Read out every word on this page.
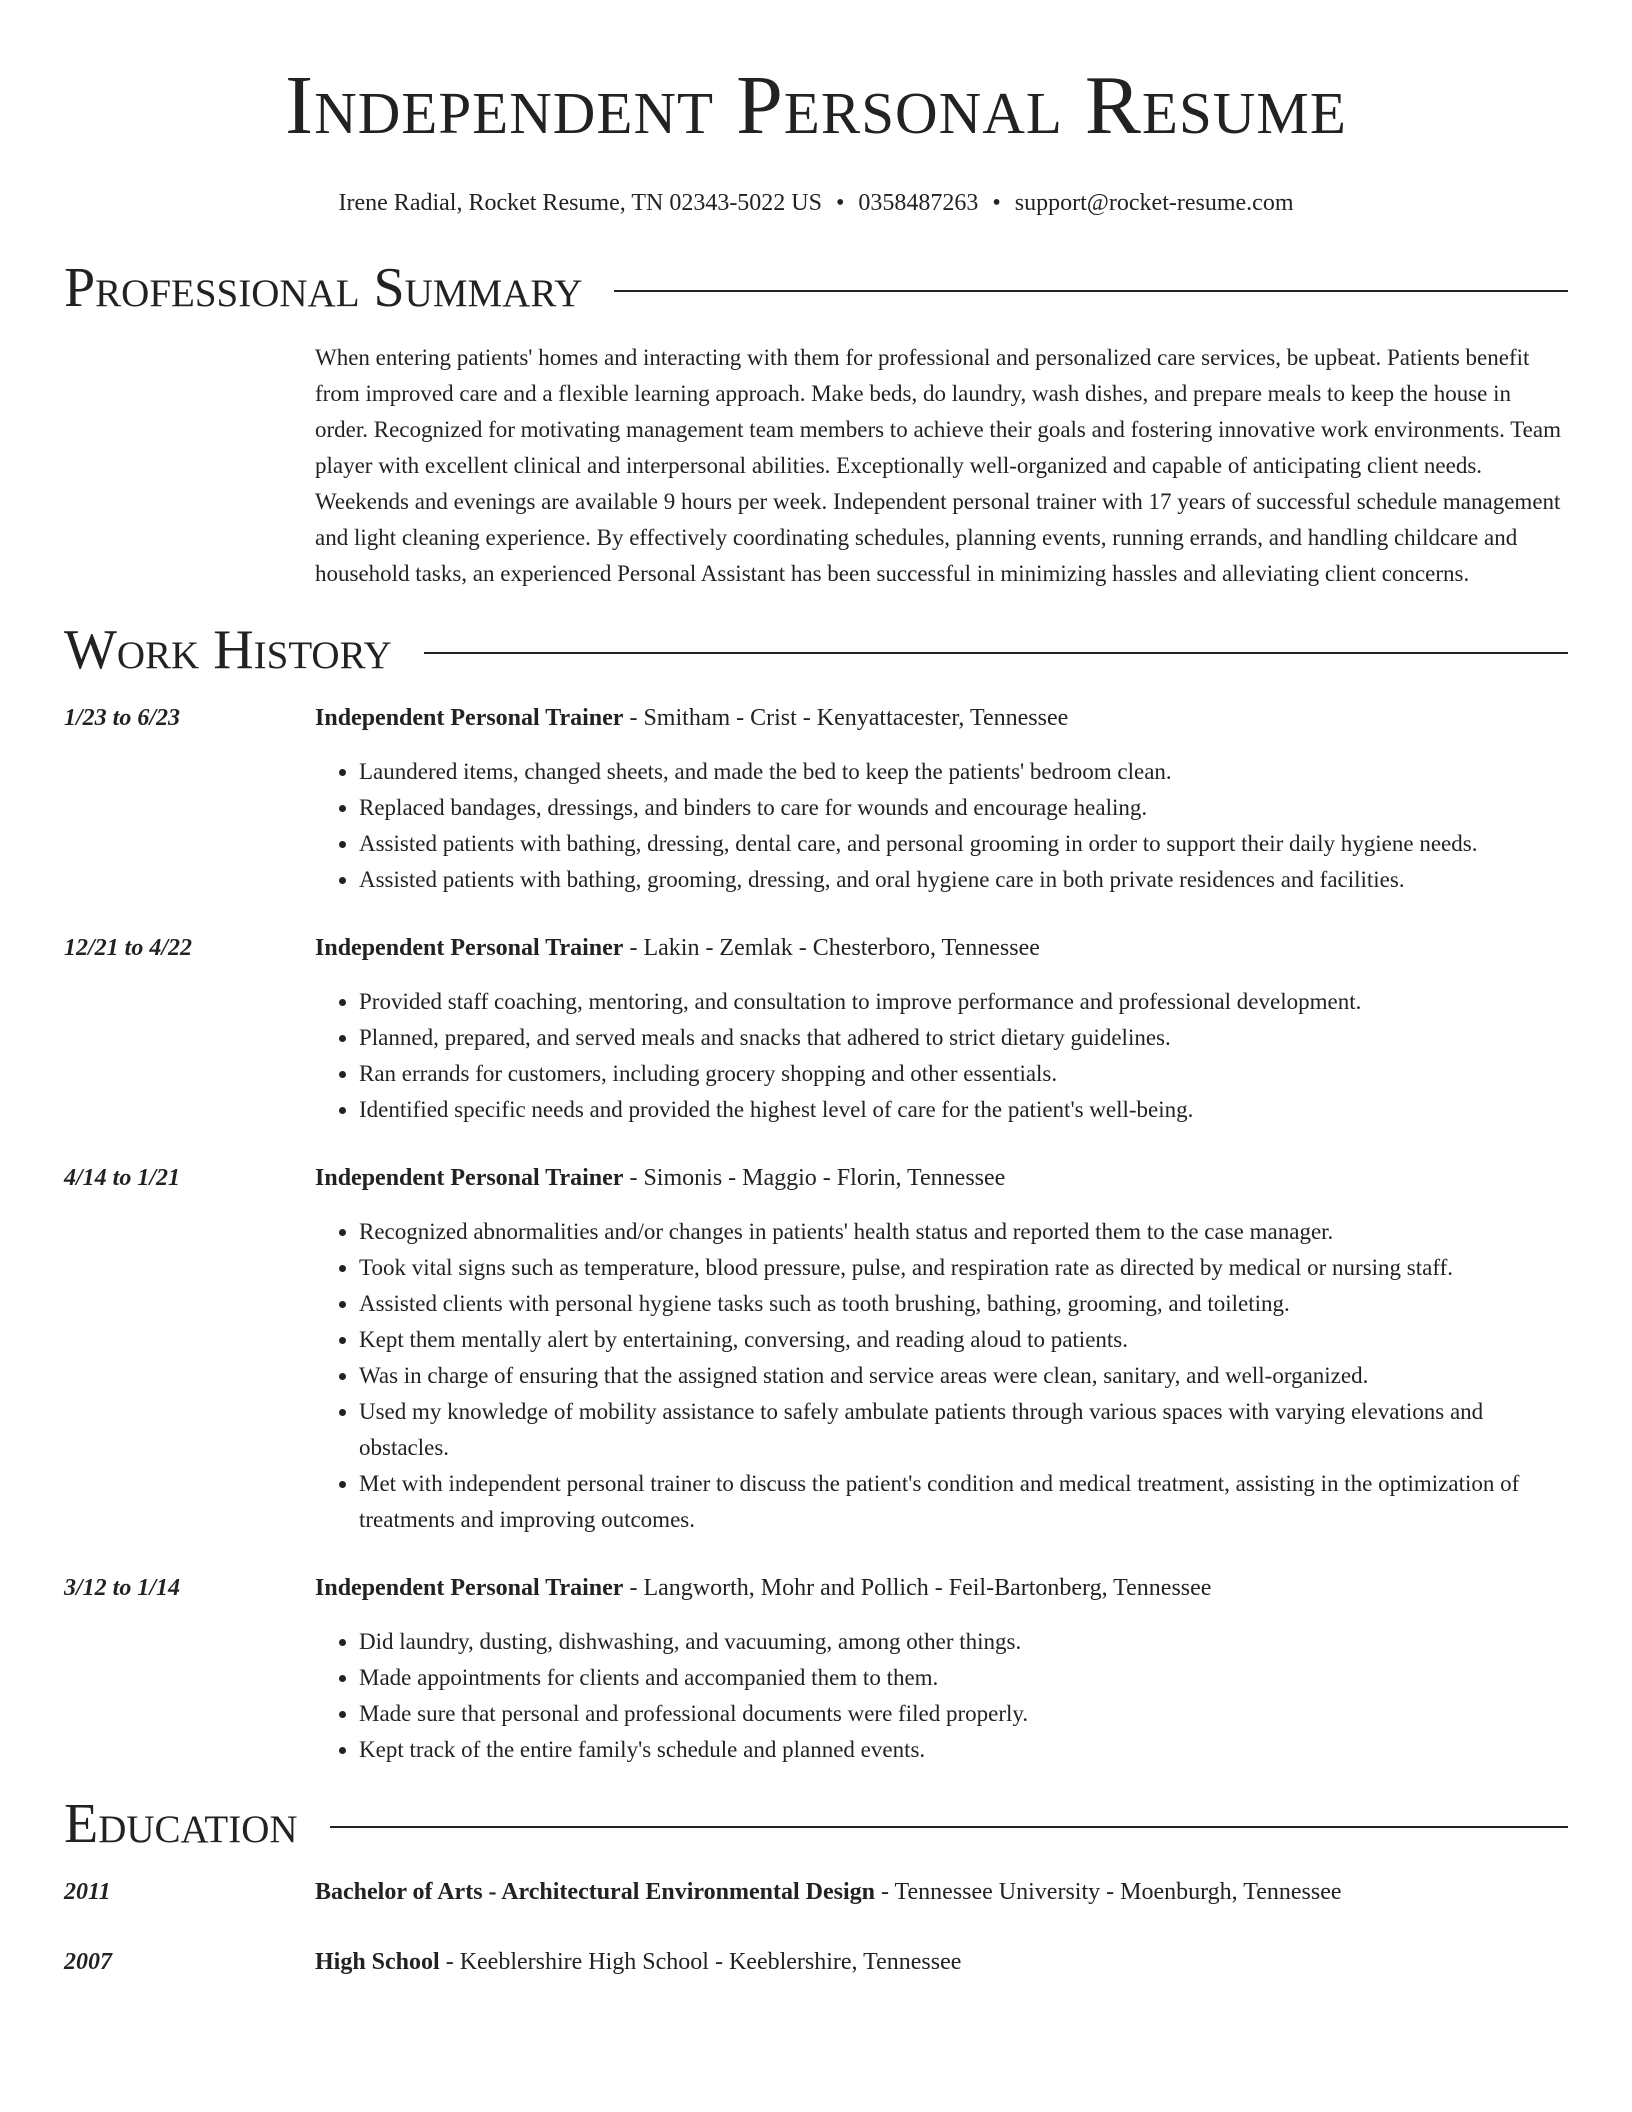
Independent Personal Resume
Irene Radial, Rocket Resume, TN 02343-5022 US • 0358487263 • support@rocket-resume.com
Professional Summary
When entering patients' homes and interacting with them for professional and personalized care services, be upbeat. Patients benefit from improved care and a flexible learning approach. Make beds, do laundry, wash dishes, and prepare meals to keep the house in order. Recognized for motivating management team members to achieve their goals and fostering innovative work environments. Team player with excellent clinical and interpersonal abilities. Exceptionally well-organized and capable of anticipating client needs. Weekends and evenings are available 9 hours per week. Independent personal trainer with 17 years of successful schedule management and light cleaning experience. By effectively coordinating schedules, planning events, running errands, and handling childcare and household tasks, an experienced Personal Assistant has been successful in minimizing hassles and alleviating client concerns.
Work History
1/23 to 6/23	Independent Personal Trainer - Smitham - Crist - Kenyattacester, Tennessee
• Laundered items, changed sheets, and made the bed to keep the patients' bedroom clean.
• Replaced bandages, dressings, and binders to care for wounds and encourage healing.
• Assisted patients with bathing, dressing, dental care, and personal grooming in order to support their daily hygiene needs.
• Assisted patients with bathing, grooming, dressing, and oral hygiene care in both private residences and facilities.
12/21 to 4/22	Independent Personal Trainer - Lakin - Zemlak - Chesterboro, Tennessee
• Provided staff coaching, mentoring, and consultation to improve performance and professional development.
• Planned, prepared, and served meals and snacks that adhered to strict dietary guidelines.
• Ran errands for customers, including grocery shopping and other essentials.
• Identified specific needs and provided the highest level of care for the patient's well-being.
4/14 to 1/21	Independent Personal Trainer - Simonis - Maggio - Florin, Tennessee
• Recognized abnormalities and/or changes in patients' health status and reported them to the case manager.
• Took vital signs such as temperature, blood pressure, pulse, and respiration rate as directed by medical or nursing staff.
• Assisted clients with personal hygiene tasks such as tooth brushing, bathing, grooming, and toileting.
• Kept them mentally alert by entertaining, conversing, and reading aloud to patients.
• Was in charge of ensuring that the assigned station and service areas were clean, sanitary, and well-organized.
• Used my knowledge of mobility assistance to safely ambulate patients through various spaces with varying elevations and obstacles.
• Met with independent personal trainer to discuss the patient's condition and medical treatment, assisting in the optimization of treatments and improving outcomes.
3/12 to 1/14	Independent Personal Trainer - Langworth, Mohr and Pollich - Feil-Bartonberg, Tennessee
• Did laundry, dusting, dishwashing, and vacuuming, among other things.
• Made appointments for clients and accompanied them to them.
• Made sure that personal and professional documents were filed properly.
• Kept track of the entire family's schedule and planned events.
Education
2011	Bachelor of Arts - Architectural Environmental Design - Tennessee University - Moenburgh, Tennessee
2007	High School - Keeblershire High School - Keeblershire, Tennessee
